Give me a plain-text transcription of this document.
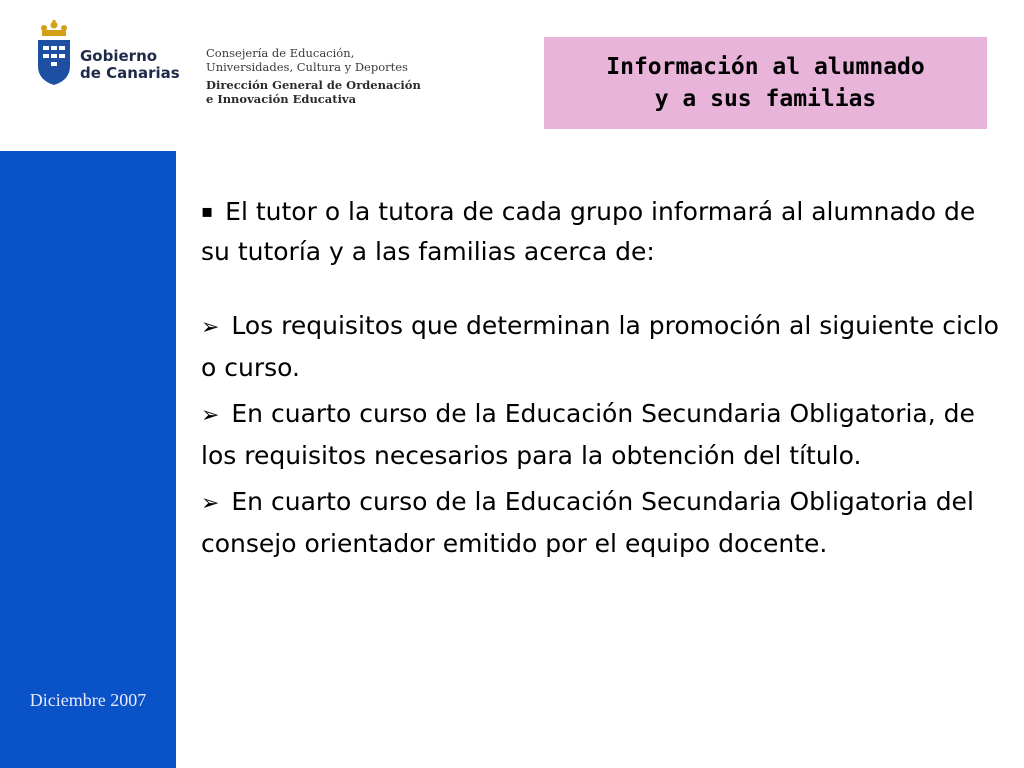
Gobierno
de Canarias
Consejería de Educación,
Universidades, Cultura y Deportes
Dirección General de Ordenación
e Innovación Educativa
Información al alumnado
y a sus familias
Diciembre 2007

▪ El tutor o la tutora de cada grupo informará al alumnado de su tutoría y a las familias acerca de:

➢ Los requisitos que determinan la promoción al siguiente ciclo o curso.

➢ En cuarto curso de la Educación Secundaria Obligatoria, de los requisitos necesarios para la obtención del título.

➢ En cuarto curso de la Educación Secundaria Obligatoria del consejo orientador emitido por el equipo docente.
